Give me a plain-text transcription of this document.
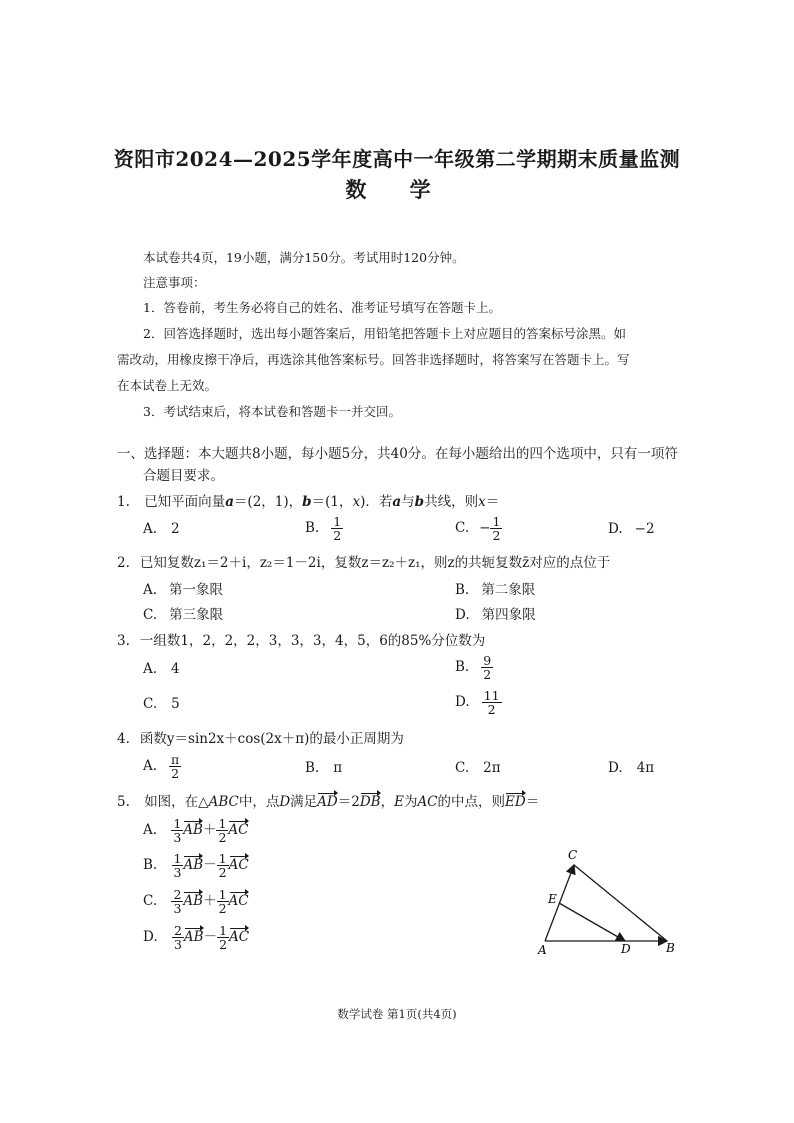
资阳市2024—2025学年度高中一年级第二学期期末质量监测
数 学
本试卷共4页，19小题，满分150分。考试用时120分钟。
注意事项：
1．答卷前，考生务必将自己的姓名、准考证号填写在答题卡上。
2．回答选择题时，选出每小题答案后，用铅笔把答题卡上对应题目的答案标号涂黑。如
需改动，用橡皮擦干净后，再选涂其他答案标号。回答非选择题时，将答案写在答题卡上。写
在本试卷上无效。
3．考试结束后，将本试卷和答题卡一并交回。
一、选择题：本大题共8小题，每小题5分，共40分。在每小题给出的四个选项中，只有一项符
合题目要求。
1. 已知平面向量a＝(2，1)，b＝(1，x)．若a与b共线，则x＝
A. 2	B. $\frac{1}{2}$	C. − $\frac{1}{2}$	D. −2
2. 已知复数z₁＝2＋i，z₂＝1－2i，复数z＝z₂＋z₁，则z的共轭复数z̄对应的点位于
A. 第一象限	B. 第二象限
C. 第三象限	D. 第四象限
3. 一组数1，2，2，2，3，3，3，4，5，6的85%分位数为
A. 4	B. $\frac{9}{2}$
C. 5	D. $\frac{11}{2}$
4. 函数y＝sin2x＋cos(2x＋π)的最小正周期为
A. $\frac{\pi}{2}$	B. π	C. 2π	D. 4π
5. 如图，在△ABC中，点D满足AD＝2DB，E为AC的中点，则ED＝
A. $\frac{1}{3} AB+ \frac{1}{2}$ AC
B. $\frac{1}{3} AB- \frac{1}{2}$ AC
C. $\frac{2}{3} AB+ \frac{1}{2}$ AC
D. $\frac{2}{3} AB- \frac{1}{2}$ AC
C
E
A	D	B
数学试卷 第1页(共4页)
